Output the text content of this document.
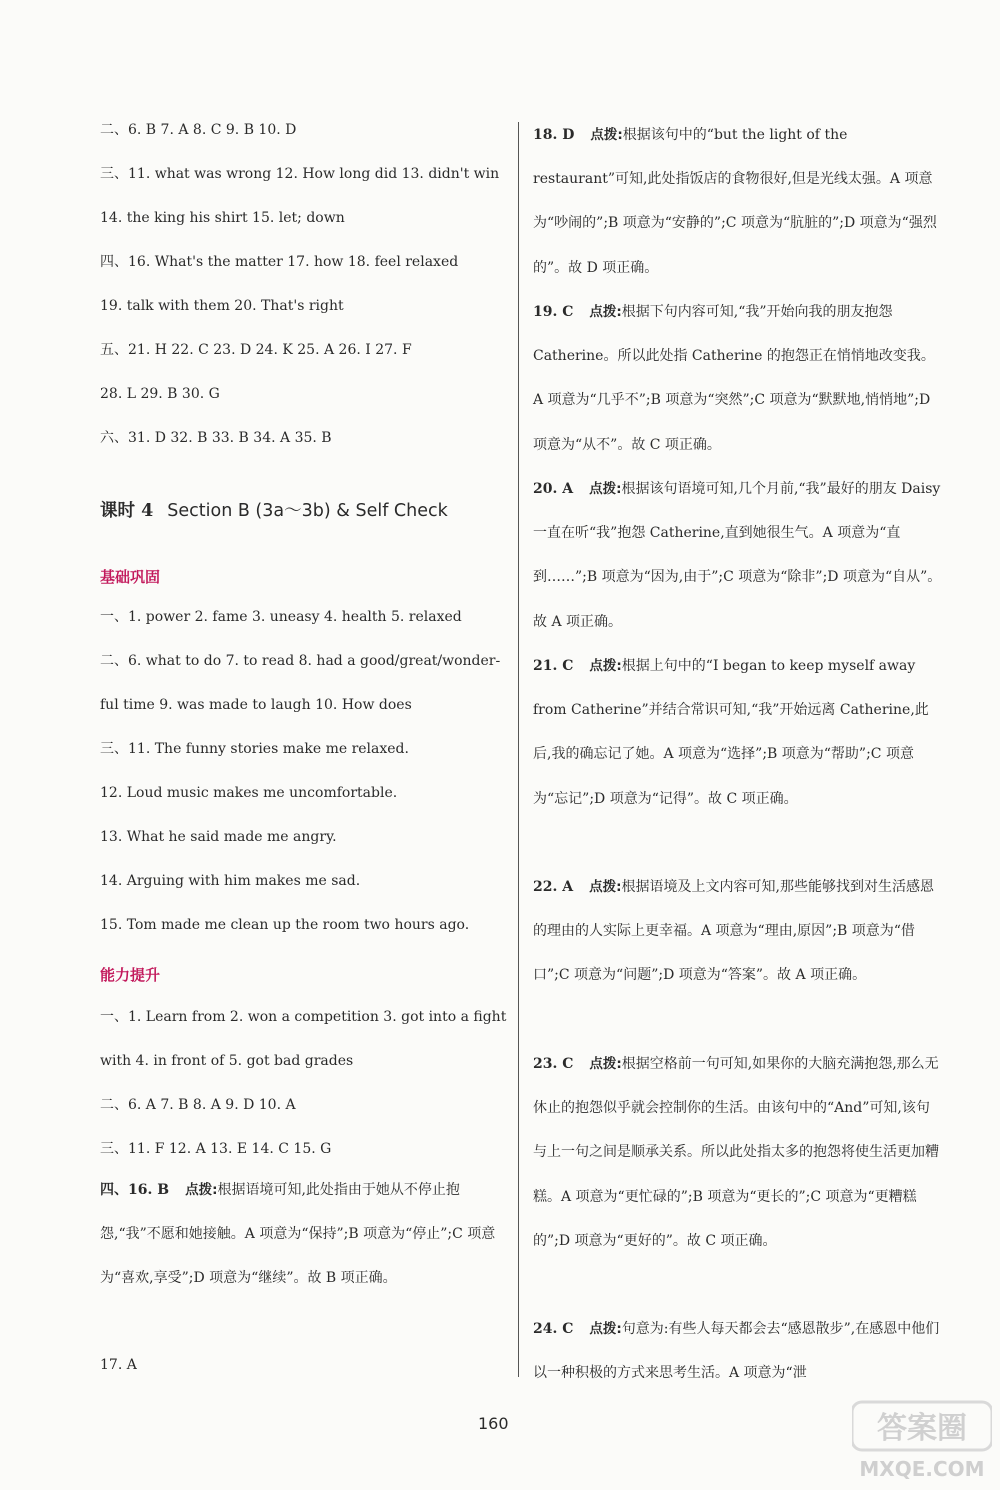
二、6. B 7. A 8. C 9. B 10. D
三、11. what was wrong 12. How long did 13. didn't win
14. the king his shirt 15. let; down
四、16. What's the matter 17. how 18. feel relaxed
19. talk with them 20. That's right
五、21. H 22. C 23. D 24. K 25. A 26. I 27. F
28. L 29. B 30. G
六、31. D 32. B 33. B 34. A 35. B
课时 4 Section B (3a～3b) & Self Check
基础巩固
一、1. power 2. fame 3. uneasy 4. health 5. relaxed
二、6. what to do 7. to read 8. had a good/great/wonder-
ful time 9. was made to laugh 10. How does
三、11. The funny stories make me relaxed.
12. Loud music makes me uncomfortable.
13. What he said made me angry.
14. Arguing with him makes me sad.
15. Tom made me clean up the room two hours ago.
能力提升
一、1. Learn from 2. won a competition 3. got into a fight
with 4. in front of 5. got bad grades
二、6. A 7. B 8. A 9. D 10. A
三、11. F 12. A 13. E 14. C 15. G
四、16. B 点拨:根据语境可知,此处指由于她从不停止抱怨,“我”不愿和她接触。A 项意为“保持”;B 项意为“停止”;C 项意为“喜欢,享受”;D 项意为“继续”。故 B 项正确。
17. A
18. D 点拨:根据该句中的“but the light of the restaurant”可知,此处指饭店的食物很好,但是光线太强。A 项意为“吵闹的”;B 项意为“安静的”;C 项意为“肮脏的”;D 项意为“强烈的”。故 D 项正确。
19. C 点拨:根据下句内容可知,“我”开始向我的朋友抱怨 Catherine。所以此处指 Catherine 的抱怨正在悄悄地改变我。A 项意为“几乎不”;B 项意为“突然”;C 项意为“默默地,悄悄地”;D 项意为“从不”。故 C 项正确。
20. A 点拨:根据该句语境可知,几个月前,“我”最好的朋友 Daisy 一直在听“我”抱怨 Catherine,直到她很生气。A 项意为“直到……”;B 项意为“因为,由于”;C 项意为“除非”;D 项意为“自从”。故 A 项正确。
21. C 点拨:根据上句中的“I began to keep myself away from Catherine”并结合常识可知,“我”开始远离 Catherine,此后,我的确忘记了她。A 项意为“选择”;B 项意为“帮助”;C 项意为“忘记”;D 项意为“记得”。故 C 项正确。
22. A 点拨:根据语境及上文内容可知,那些能够找到对生活感恩的理由的人实际上更幸福。A 项意为“理由,原因”;B 项意为“借口”;C 项意为“问题”;D 项意为“答案”。故 A 项正确。
23. C 点拨:根据空格前一句可知,如果你的大脑充满抱怨,那么无休止的抱怨似乎就会控制你的生活。由该句中的“And”可知,该句与上一句之间是顺承关系。所以此处指太多的抱怨将使生活更加糟糕。A 项意为“更忙碌的”;B 项意为“更长的”;C 项意为“更糟糕的”;D 项意为“更好的”。故 C 项正确。
24. C 点拨:句意为:有些人每天都会去“感恩散步”,在感恩中他们以一种积极的方式来思考生活。A 项意为“泄
160	答案圈
MXQE.COM
